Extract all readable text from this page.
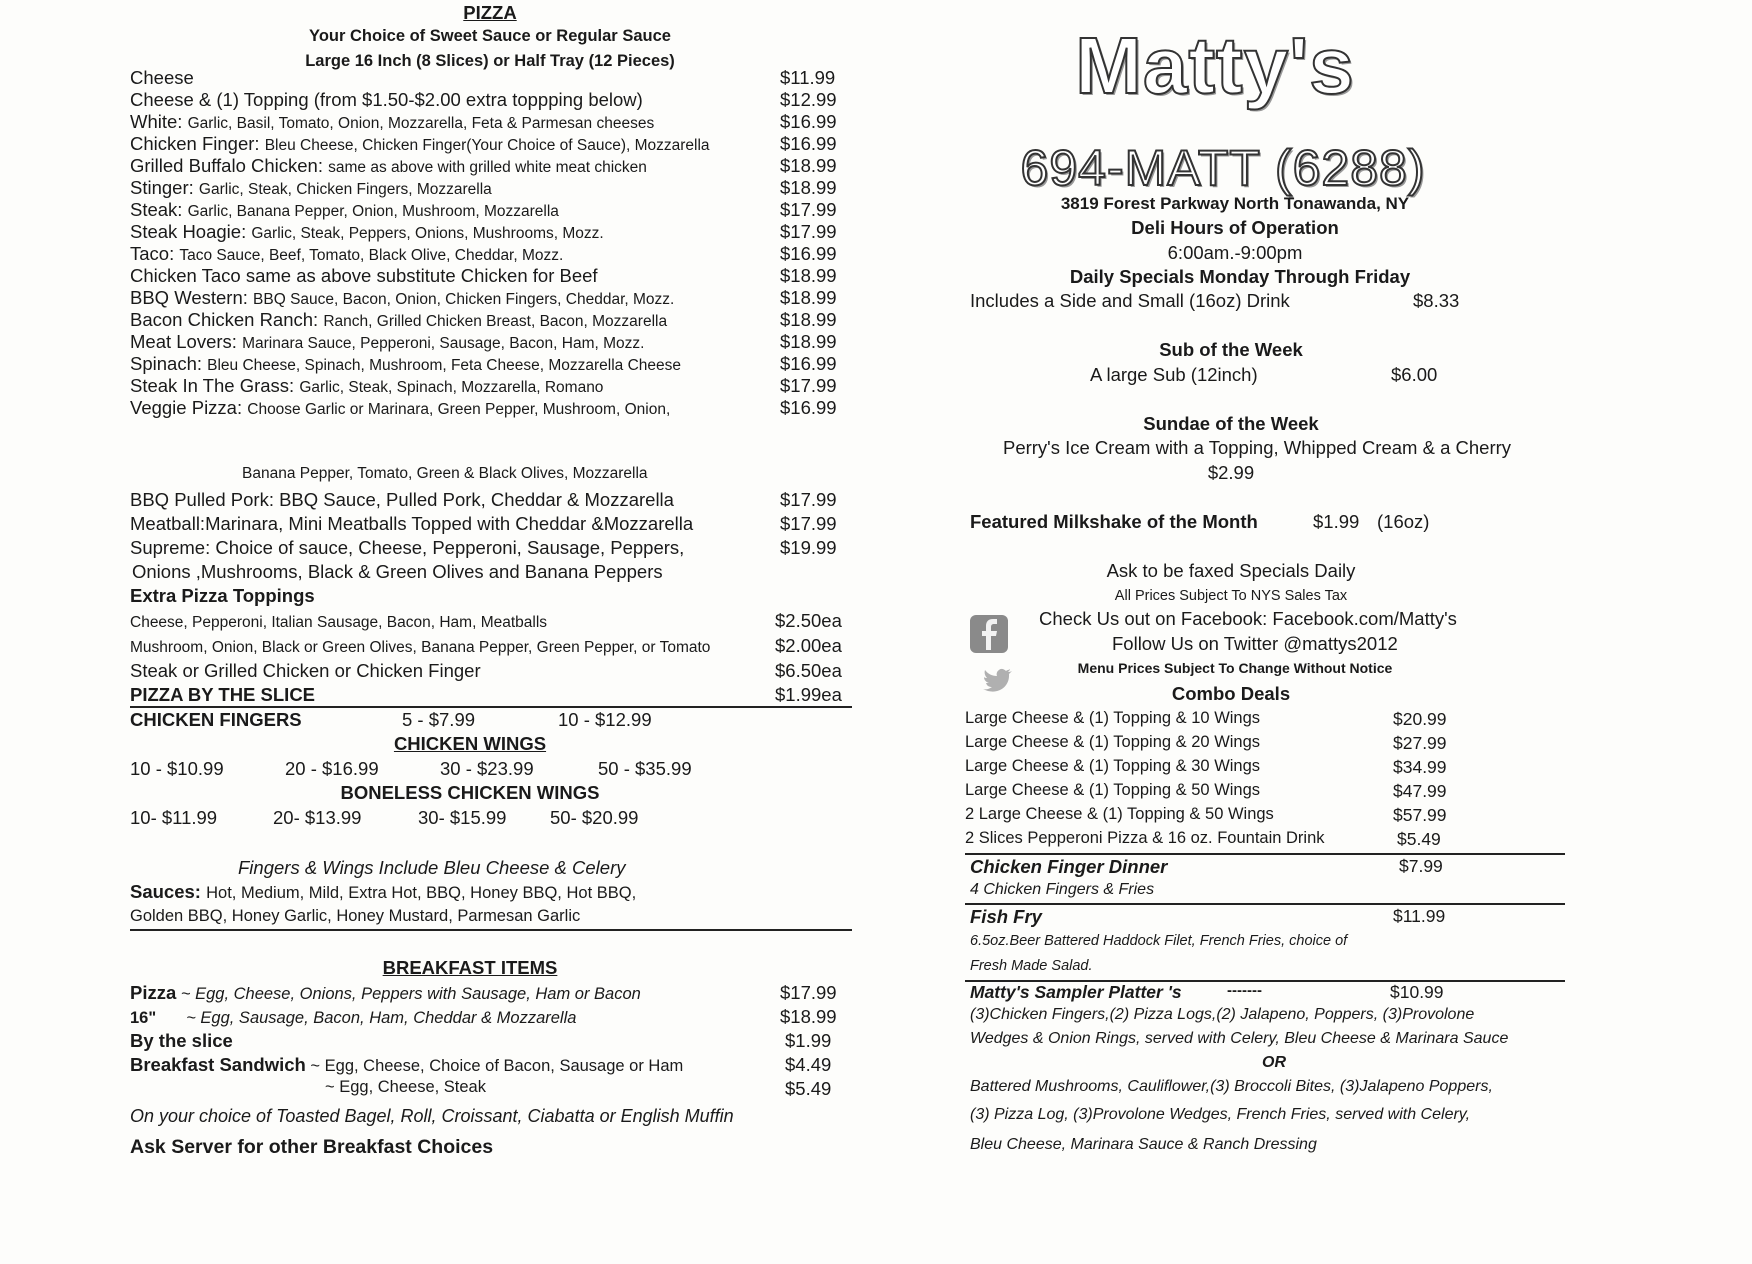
PIZZA
Your Choice of Sweet Sauce or Regular Sauce
Large 16 Inch (8 Slices) or Half Tray (12 Pieces)
Cheese	$11.99
Cheese & (1) Topping (from $1.50-$2.00 extra toppping below)	$12.99
White: Garlic, Basil, Tomato, Onion, Mozzarella, Feta & Parmesan cheeses	$16.99
Chicken Finger: Bleu Cheese, Chicken Finger(Your Choice of Sauce), Mozzarella	$16.99
Grilled Buffalo Chicken: same as above with grilled white meat chicken	$18.99
Stinger: Garlic, Steak, Chicken Fingers, Mozzarella	$18.99
Steak: Garlic, Banana Pepper, Onion, Mushroom, Mozzarella	$17.99
Steak Hoagie: Garlic, Steak, Peppers, Onions, Mushrooms, Mozz.	$17.99
Taco: Taco Sauce, Beef, Tomato, Black Olive, Cheddar, Mozz.	$16.99
Chicken Taco same as above substitute Chicken for Beef	$18.99
BBQ Western: BBQ Sauce, Bacon, Onion, Chicken Fingers, Cheddar, Mozz.	$18.99
Bacon Chicken Ranch: Ranch, Grilled Chicken Breast, Bacon, Mozzarella	$18.99
Meat Lovers: Marinara Sauce, Pepperoni, Sausage, Bacon, Ham, Mozz.	$18.99
Spinach: Bleu Cheese, Spinach, Mushroom, Feta Cheese, Mozzarella Cheese	$16.99
Steak In The Grass: Garlic, Steak, Spinach, Mozzarella, Romano	$17.99
Veggie Pizza: Choose Garlic or Marinara, Green Pepper, Mushroom, Onion,	$16.99
Banana Pepper, Tomato, Green & Black Olives, Mozzarella
BBQ Pulled Pork: BBQ Sauce, Pulled Pork, Cheddar & Mozzarella	$17.99
Meatball:Marinara, Mini Meatballs Topped with Cheddar &Mozzarella	$17.99
Supreme: Choice of sauce, Cheese, Pepperoni, Sausage, Peppers,	$19.99
Onions ,Mushrooms, Black & Green Olives and Banana Peppers
Extra Pizza Toppings
Cheese, Pepperoni, Italian Sausage, Bacon, Ham, Meatballs	$2.50ea
Mushroom, Onion, Black or Green Olives, Banana Pepper, Green Pepper, or Tomato	$2.00ea
Steak or Grilled Chicken or Chicken Finger	$6.50ea
PIZZA BY THE SLICE	$1.99ea
CHICKEN FINGERS	5 - $7.99	10 - $12.99
CHICKEN WINGS
10 - $10.99	20 - $16.99	30 - $23.99	50 - $35.99
BONELESS CHICKEN WINGS
10- $11.99	20- $13.99	30- $15.99 50- $20.99
Fingers & Wings Include Bleu Cheese & Celery
Sauces: Hot, Medium, Mild, Extra Hot, BBQ, Honey BBQ, Hot BBQ,
Golden BBQ, Honey Garlic, Honey Mustard, Parmesan Garlic
BREAKFAST ITEMS
Pizza ~ Egg, Cheese, Onions, Peppers with Sausage, Ham or Bacon	$17.99
16" ~ Egg, Sausage, Bacon, Ham, Cheddar & Mozzarella	$18.99
By the slice	$1.99
Breakfast Sandwich ~ Egg, Cheese, Choice of Bacon, Sausage or Ham	$4.49
~ Egg, Cheese, Steak	$5.49
On your choice of Toasted Bagel, Roll, Croissant, Ciabatta or English Muffin
Ask Server for other Breakfast Choices
Matty's
694-MATT (6288)
3819 Forest Parkway North Tonawanda, NY
Deli Hours of Operation
6:00am.-9:00pm
Daily Specials Monday Through Friday
Includes a Side and Small (16oz) Drink	$8.33
Sub of the Week
A large Sub (12inch)	$6.00
Sundae of the Week
Perry's Ice Cream with a Topping, Whipped Cream & a Cherry
$2.99
Featured Milkshake of the Month	$1.99 (16oz)
Ask to be faxed Specials Daily
All Prices Subject To NYS Sales Tax
Check Us out on Facebook: Facebook.com/Matty's
Follow Us on Twitter @mattys2012
Menu Prices Subject To Change Without Notice
Combo Deals
Large Cheese & (1) Topping & 10 Wings	$20.99
Large Cheese & (1) Topping & 20 Wings	$27.99
Large Cheese & (1) Topping & 30 Wings	$34.99
Large Cheese & (1) Topping & 50 Wings	$47.99
2 Large Cheese & (1) Topping & 50 Wings	$57.99
2 Slices Pepperoni Pizza & 16 oz. Fountain Drink	$5.49
Chicken Finger Dinner	$7.99
4 Chicken Fingers & Fries
Fish Fry	$11.99
6.5oz.Beer Battered Haddock Filet, French Fries, choice of
Fresh Made Salad.
Matty's Sampler Platter 's	-------	$10.99
(3)Chicken Fingers,(2) Pizza Logs,(2) Jalapeno, Poppers, (3)Provolone
Wedges & Onion Rings, served with Celery, Bleu Cheese & Marinara Sauce
OR
Battered Mushrooms, Cauliflower,(3) Broccoli Bites, (3)Jalapeno Poppers,
(3) Pizza Log, (3)Provolone Wedges, French Fries, served with Celery,
Bleu Cheese, Marinara Sauce & Ranch Dressing
